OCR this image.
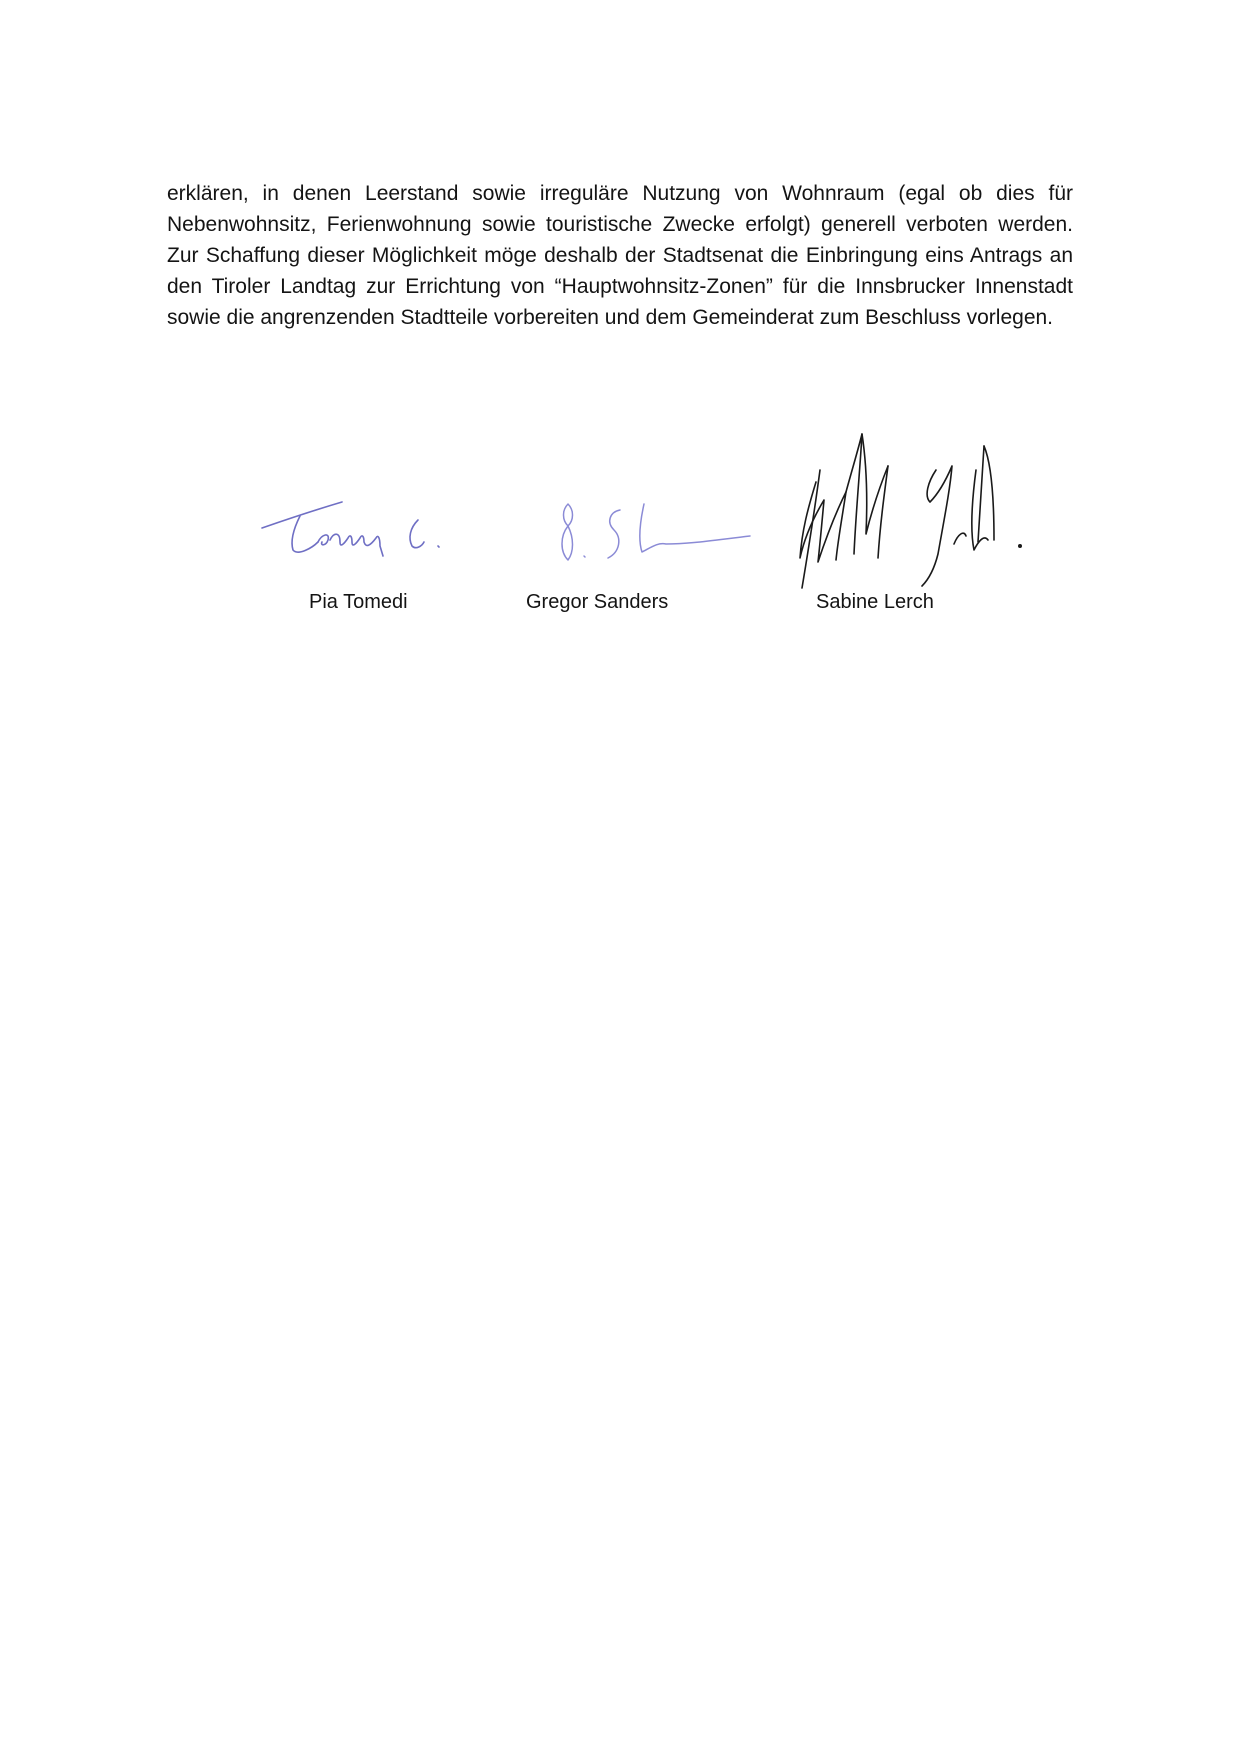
erklären, in denen Leerstand sowie irreguläre Nutzung von Wohnraum (egal ob dies für Nebenwohnsitz, Ferienwohnung sowie touristische Zwecke erfolgt) generell verboten werden. Zur Schaffung dieser Möglichkeit möge deshalb der Stadtsenat die Einbringung eins Antrags an den Tiroler Landtag zur Errichtung von “Hauptwohnsitz-Zonen” für die Innsbrucker Innenstadt sowie die angrenzenden Stadtteile vorbereiten und dem Gemeinderat zum Beschluss vorlegen.

Pia Tomedi	Gregor Sanders	Sabine Lerch
